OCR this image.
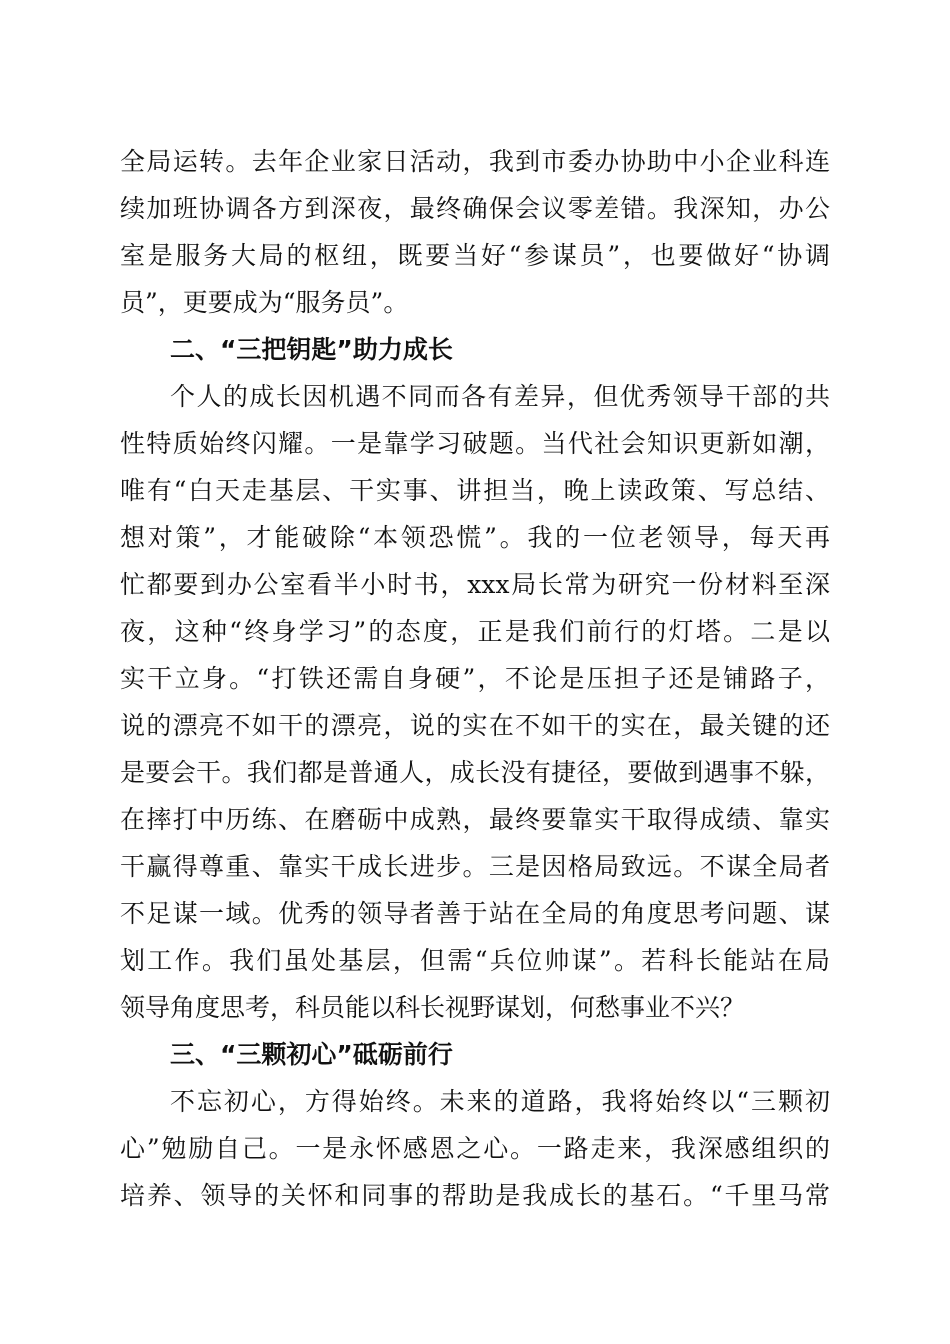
全局运转。去年企业家日活动，我到市委办协助中小企业科连
续加班协调各方到深夜，最终确保会议零差错。我深知，办公
室是服务大局的枢纽，既要当好“参谋员”，也要做好“协调
员”，更要成为“服务员”。
二、“三把钥匙”助力成长
个人的成长因机遇不同而各有差异，但优秀领导干部的共
性特质始终闪耀。一是靠学习破题。当代社会知识更新如潮，
唯有“白天走基层、干实事、讲担当，晚上读政策、写总结、
想对策”，才能破除“本领恐慌”。我的一位老领导，每天再
忙都要到办公室看半小时书，xxx局长常为研究一份材料至深
夜，这种“终身学习”的态度，正是我们前行的灯塔。二是以
实干立身。“打铁还需自身硬”，不论是压担子还是铺路子，
说的漂亮不如干的漂亮，说的实在不如干的实在，最关键的还
是要会干。我们都是普通人，成长没有捷径，要做到遇事不躲，
在摔打中历练、在磨砺中成熟，最终要靠实干取得成绩、靠实
干赢得尊重、靠实干成长进步。三是因格局致远。不谋全局者
不足谋一域。优秀的领导者善于站在全局的角度思考问题、谋
划工作。我们虽处基层，但需“兵位帅谋”。若科长能站在局
领导角度思考，科员能以科长视野谋划，何愁事业不兴？
三、“三颗初心”砥砺前行
不忘初心，方得始终。未来的道路，我将始终以“三颗初
心”勉励自己。一是永怀感恩之心。一路走来，我深感组织的
培养、领导的关怀和同事的帮助是我成长的基石。“千里马常
